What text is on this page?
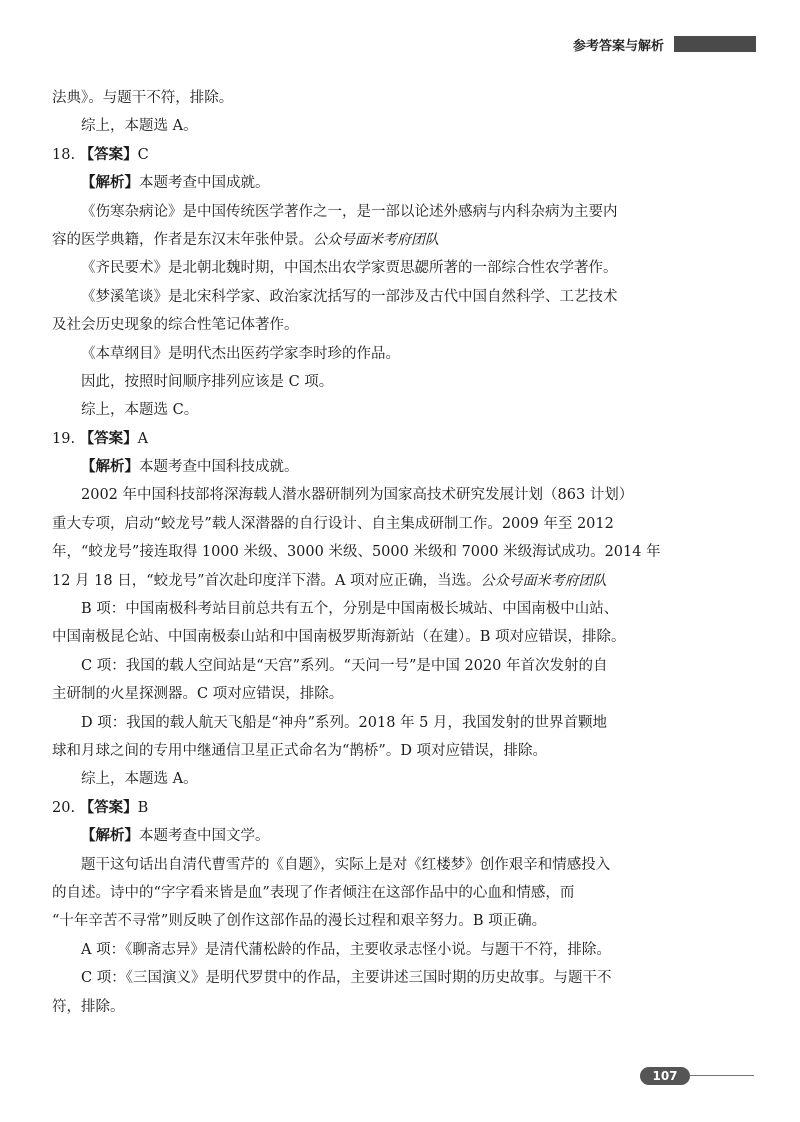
参考答案与解析
法典》。与题干不符，排除。
综上，本题选 A。
18. 【答案】C
【解析】本题考查中国成就。
《伤寒杂病论》是中国传统医学著作之一，是一部以论述外感病与内科杂病为主要内
容的医学典籍，作者是东汉末年张仲景。公众号面米考府团队
《齐民要术》是北朝北魏时期，中国杰出农学家贾思勰所著的一部综合性农学著作。
《梦溪笔谈》是北宋科学家、政治家沈括写的一部涉及古代中国自然科学、工艺技术
及社会历史现象的综合性笔记体著作。
《本草纲目》是明代杰出医药学家李时珍的作品。
因此，按照时间顺序排列应该是 C 项。
综上，本题选 C。
19. 【答案】A
【解析】本题考查中国科技成就。
2002 年中国科技部将深海载人潜水器研制列为国家高技术研究发展计划（863 计划）
重大专项，启动“蛟龙号”载人深潜器的自行设计、自主集成研制工作。2009 年至 2012
年，“蛟龙号”接连取得 1000 米级、3000 米级、5000 米级和 7000 米级海试成功。2014 年
12 月 18 日，“蛟龙号”首次赴印度洋下潜。A 项对应正确，当选。公众号面米考府团队
B 项：中国南极科考站目前总共有五个，分别是中国南极长城站、中国南极中山站、
中国南极昆仑站、中国南极泰山站和中国南极罗斯海新站（在建）。B 项对应错误，排除。
C 项：我国的载人空间站是“天宫”系列。“天问一号”是中国 2020 年首次发射的自
主研制的火星探测器。C 项对应错误，排除。
D 项：我国的载人航天飞船是“神舟”系列。2018 年 5 月，我国发射的世界首颗地
球和月球之间的专用中继通信卫星正式命名为“鹊桥”。D 项对应错误，排除。
综上，本题选 A。
20. 【答案】B
【解析】本题考查中国文学。
题干这句话出自清代曹雪芹的《自题》，实际上是对《红楼梦》创作艰辛和情感投入
的自述。诗中的“字字看来皆是血”表现了作者倾注在这部作品中的心血和情感，而
“十年辛苦不寻常”则反映了创作这部作品的漫长过程和艰辛努力。B 项正确。
A 项：《聊斋志异》是清代蒲松龄的作品，主要收录志怪小说。与题干不符，排除。
C 项：《三国演义》是明代罗贯中的作品，主要讲述三国时期的历史故事。与题干不
符，排除。
107
